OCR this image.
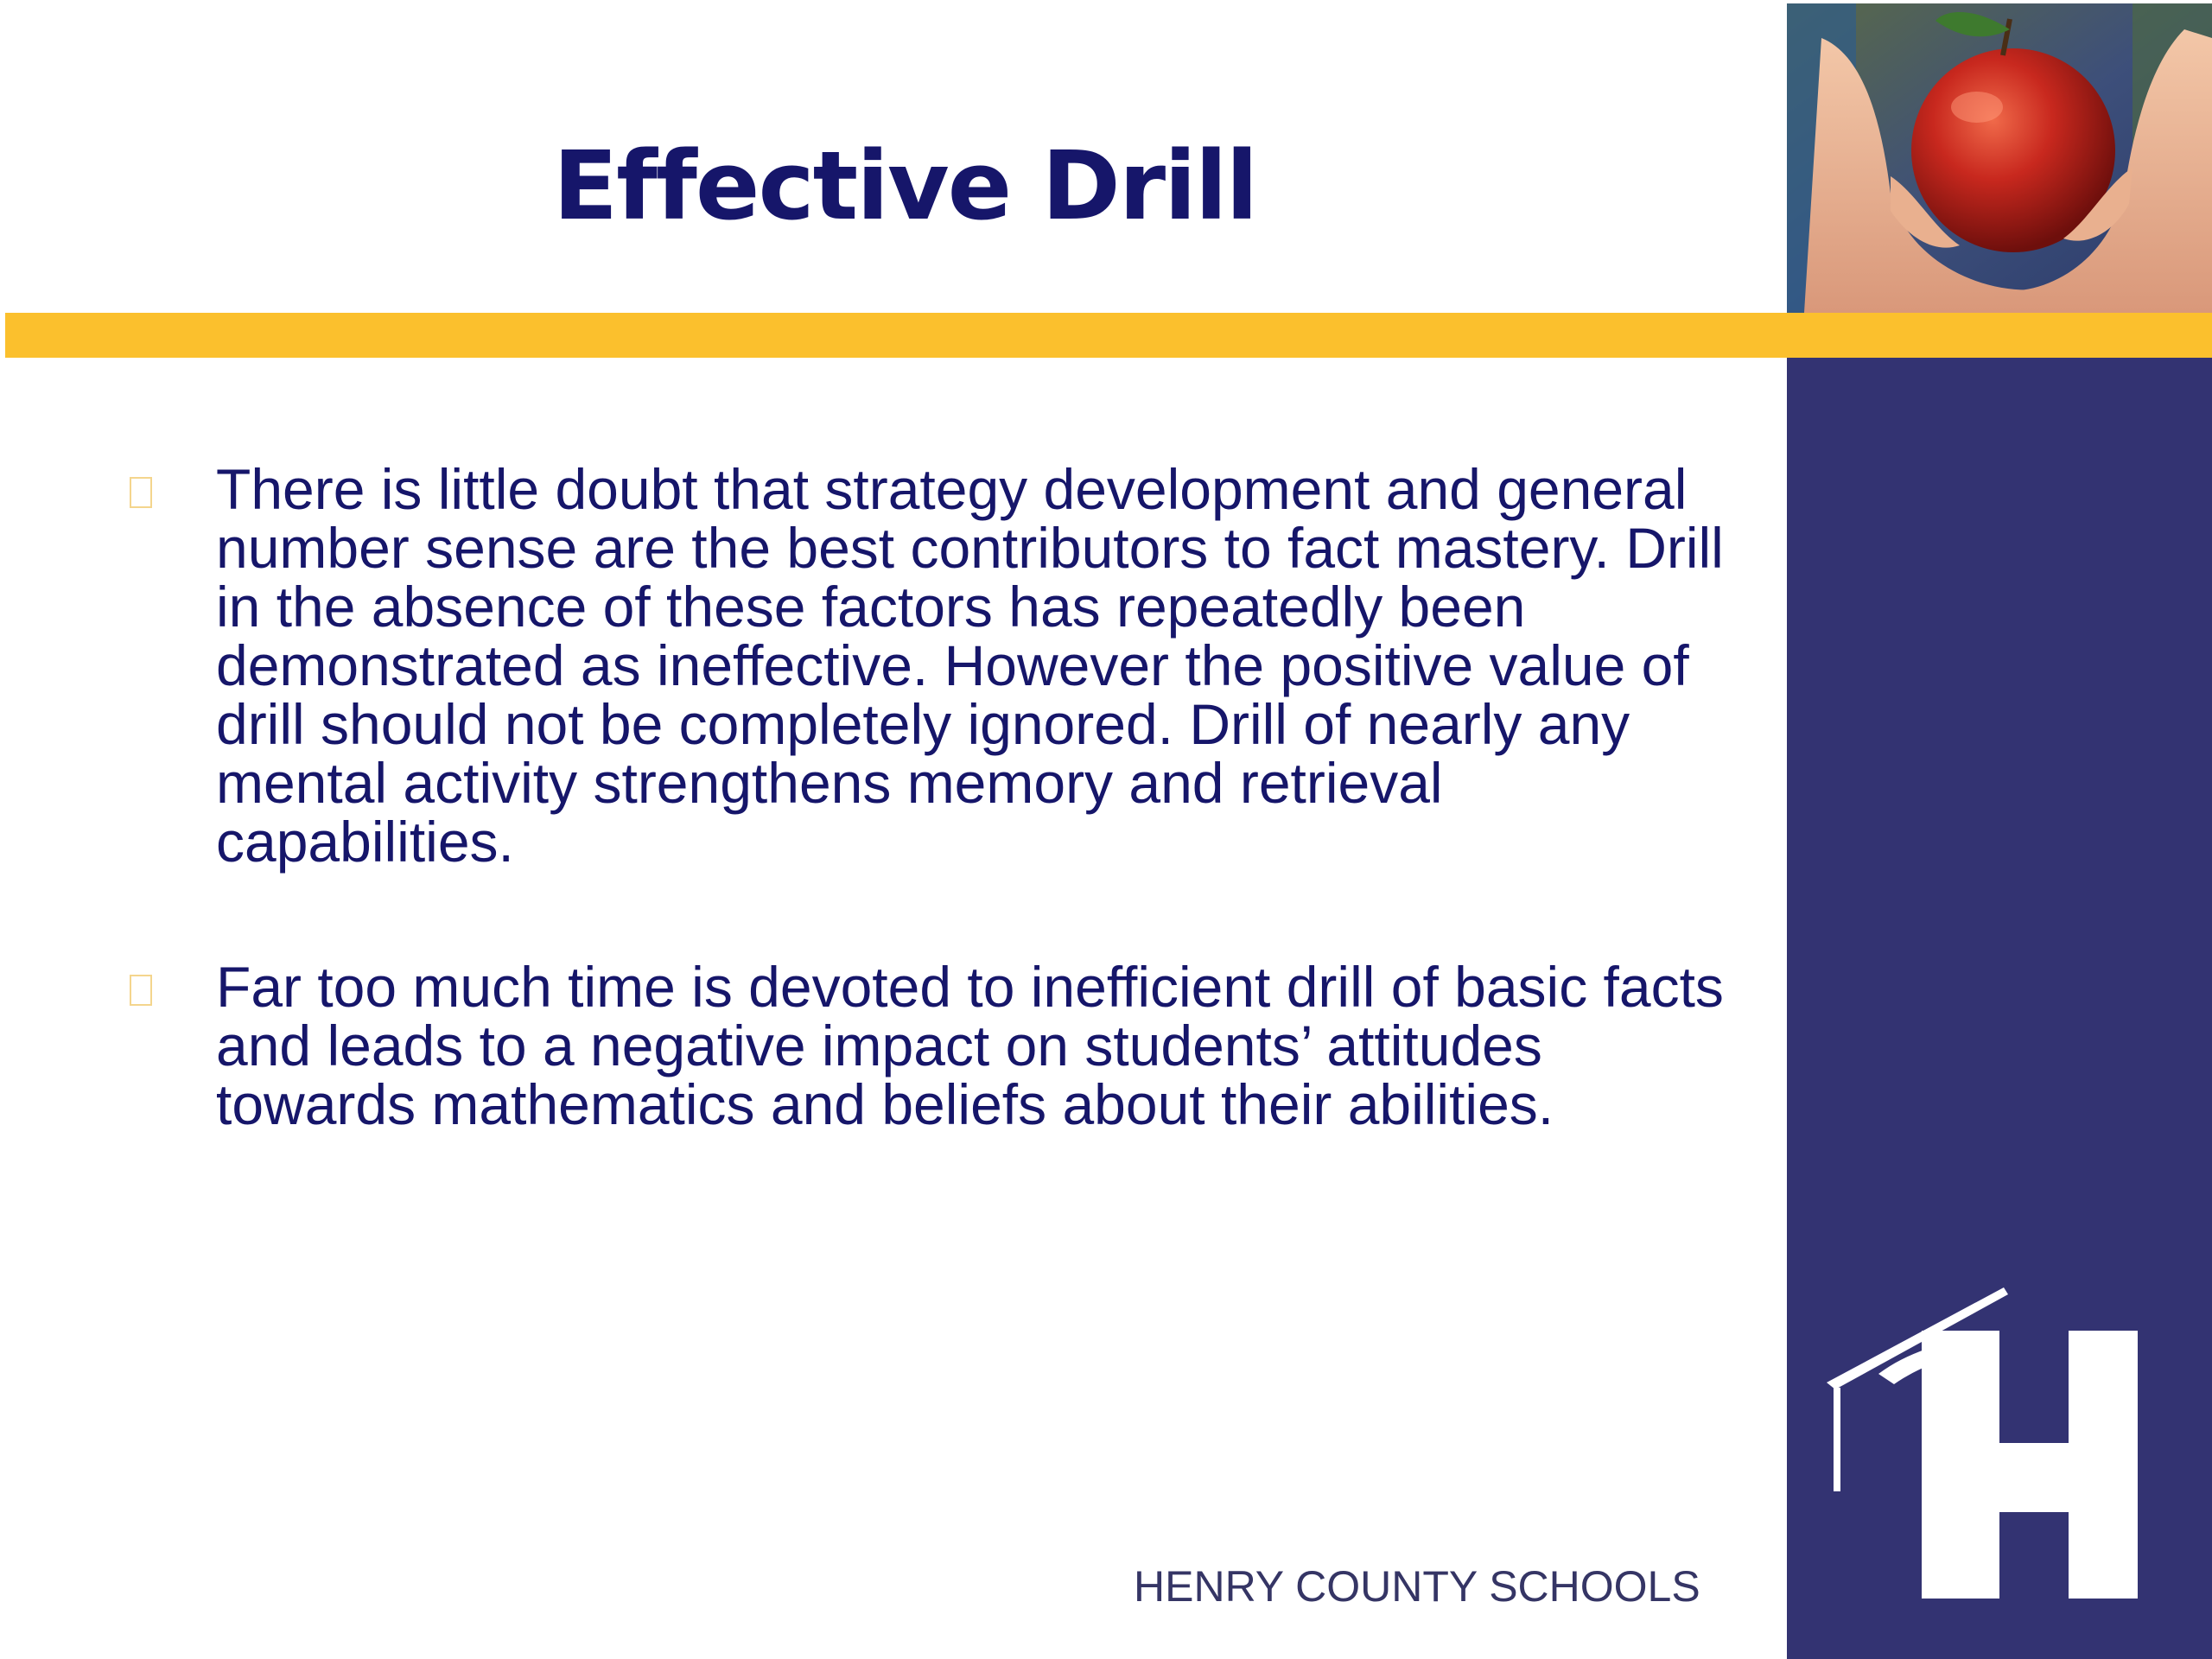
Effective Drill
There is little doubt that strategy development and general number sense are the best contributors to fact mastery. Drill in the absence of these factors has repeatedly been demonstrated as ineffective. However the positive value of drill should not be completely ignored. Drill of nearly any mental activity strengthens memory and retrieval capabilities.
Far too much time is devoted to inefficient drill of basic facts and leads to a negative impact on students’ attitudes towards mathematics and beliefs about their abilities.
HENRY COUNTY SCHOOLS
